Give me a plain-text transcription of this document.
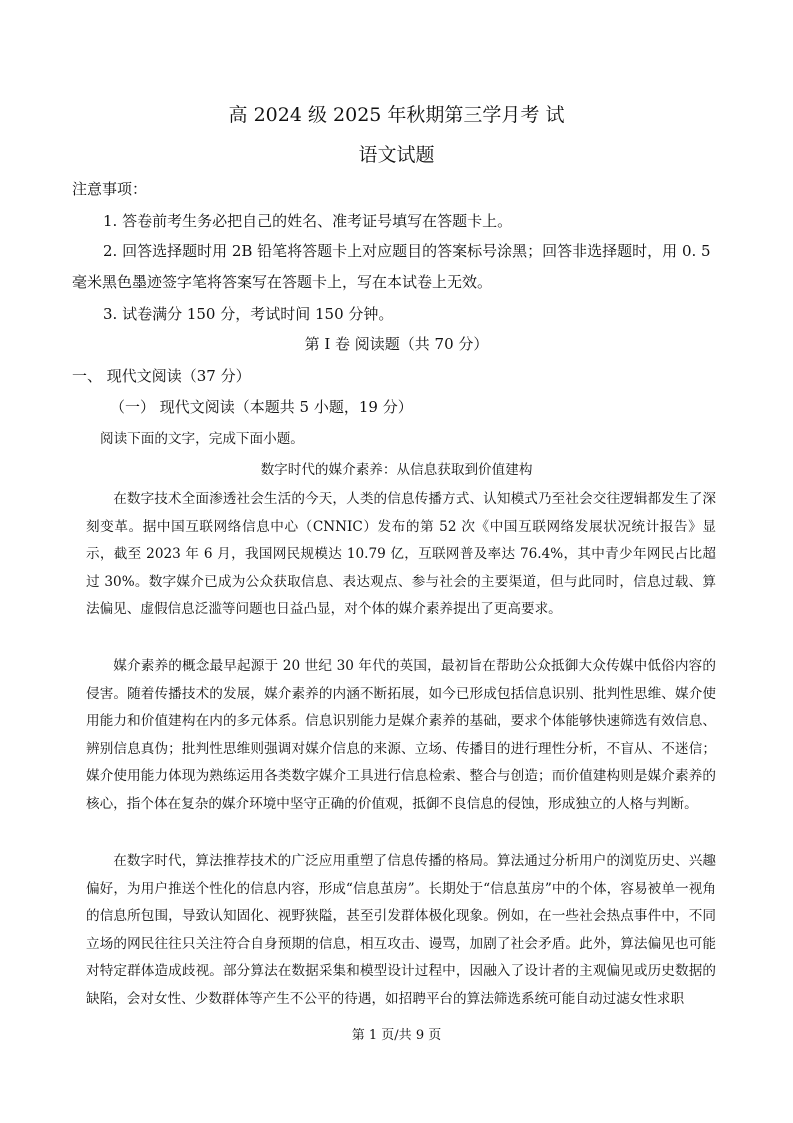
高 2024 级 2025 年秋期第三学月考 试
语文试题
注意事项：
1. 答卷前考生务必把自己的姓名、准考证号填写在答题卡上。
2. 回答选择题时用 2B 铅笔将答题卡上对应题目的答案标号涂黑；回答非选择题时，用 0. 5
毫米黑色墨迹签字笔将答案写在答题卡上，写在本试卷上无效。
3. 试卷满分 150 分，考试时间 150 分钟。
第 I 卷 阅读题（共 70 分）
一、 现代文阅读（37 分）
（一） 现代文阅读（本题共 5 小题，19 分）
阅读下面的文字，完成下面小题。
数字时代的媒介素养：从信息获取到价值建构

在数字技术全面渗透社会生活的今天，人类的信息传播方式、认知模式乃至社会交往逻辑都发生了深刻变革。据中国互联网络信息中心（CNNIC）发布的第 52 次《中国互联网络发展状况统计报告》显示，截至 2023 年 6 月，我国网民规模达 10.79 亿，互联网普及率达 76.4%，其中青少年网民占比超过 30%。数字媒介已成为公众获取信息、表达观点、参与社会的主要渠道，但与此同时，信息过载、算法偏见、虚假信息泛滥等问题也日益凸显，对个体的媒介素养提出了更高要求。

媒介素养的概念最早起源于 20 世纪 30 年代的英国，最初旨在帮助公众抵御大众传媒中低俗内容的侵害。随着传播技术的发展，媒介素养的内涵不断拓展，如今已形成包括信息识别、批判性思维、媒介使用能力和价值建构在内的多元体系。信息识别能力是媒介素养的基础，要求个体能够快速筛选有效信息、辨别信息真伪；批判性思维则强调对媒介信息的来源、立场、传播目的进行理性分析，不盲从、不迷信；媒介使用能力体现为熟练运用各类数字媒介工具进行信息检索、整合与创造；而价值建构则是媒介素养的核心，指个体在复杂的媒介环境中坚守正确的价值观，抵御不良信息的侵蚀，形成独立的人格与判断。

在数字时代，算法推荐技术的广泛应用重塑了信息传播的格局。算法通过分析用户的浏览历史、兴趣偏好，为用户推送个性化的信息内容，形成“信息茧房”。长期处于“信息茧房”中的个体，容易被单一视角的信息所包围，导致认知固化、视野狭隘，甚至引发群体极化现象。例如，在一些社会热点事件中，不同立场的网民往往只关注符合自身预期的信息，相互攻击、谩骂，加剧了社会矛盾。此外，算法偏见也可能对特定群体造成歧视。部分算法在数据采集和模型设计过程中，因融入了设计者的主观偏见或历史数据的缺陷，会对女性、少数群体等产生不公平的待遇，如招聘平台的算法筛选系统可能自动过滤女性求职

第 1 页/共 9 页
